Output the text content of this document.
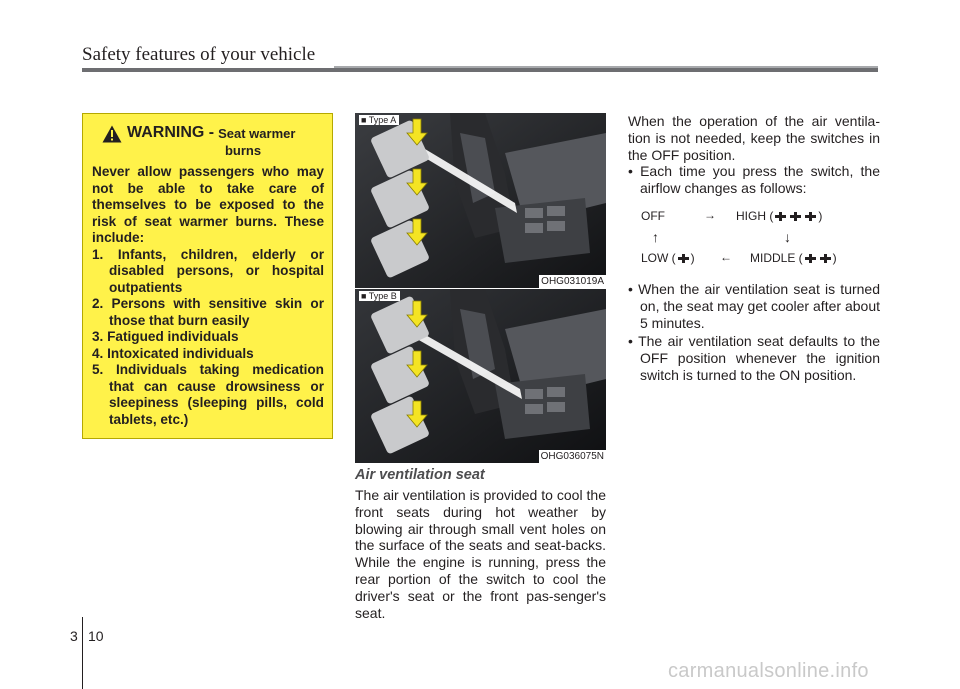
Safety features of your vehicle
WARNING - Seat warmer
burns

Never allow passengers who may not be able to take care of themselves to be exposed to the risk of seat warmer burns. These include:

1. Infants, children, elderly or disabled persons, or hospital outpatients
2. Persons with sensitive skin or those that burn easily
3. Fatigued individuals
4. Intoxicated individuals
5. Individuals taking medication that can cause drowsiness or sleepiness (sleeping pills, cold tablets, etc.)
■ Type A
OHG031019A
■ Type B
OHG036075N
Air ventilation seat

The air ventilation is provided to cool the front seats during hot weather by blowing air through small vent holes on the surface of the seats and seat-backs. While the engine is running, press the rear portion of the switch to cool the driver's seat or the front pas-senger's seat.

When the operation of the air ventila-tion is not needed, keep the switches in the OFF position.

• Each time you press the switch, the airflow changes as follows:

OFF	→ HIGH (	)
↑	↓
LOW ( ) ← MIDDLE (	)

• When the air ventilation seat is turned on, the seat may get cooler after about 5 minutes.

• The air ventilation seat defaults to the OFF position whenever the ignition switch is turned to the ON position.

3 10
carmanualsonline.info
